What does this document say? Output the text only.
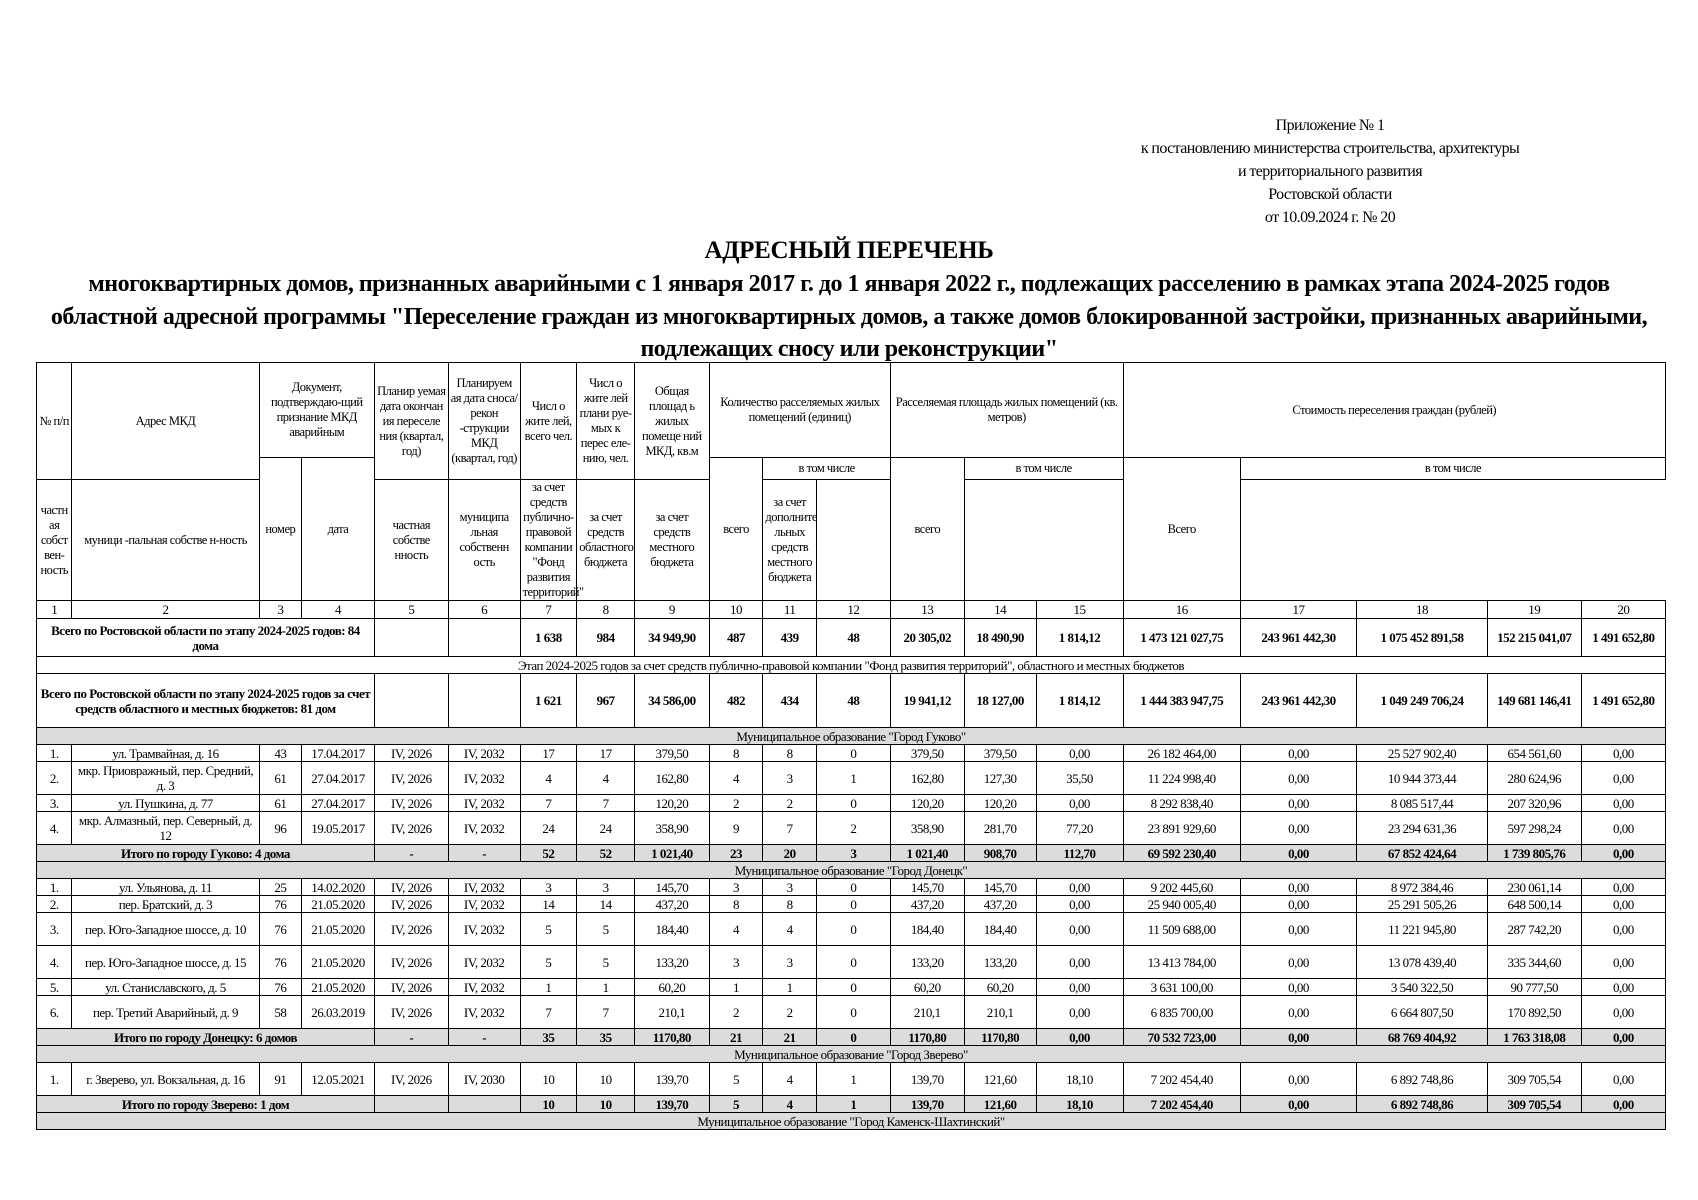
Приложение № 1
к постановлению министерства строительства, архитектуры
и территориального развития
Ростовской области
от 10.09.2024 г. № 20
АДРЕСНЫЙ ПЕРЕЧЕНЬ
многоквартирных домов, признанных аварийными с 1 января 2017 г. до 1 января 2022 г., подлежащих расселению в рамках этапа 2024-2025 годов областной адресной программы "Переселение граждан из многоквартирных домов, а также домов блокированной застройки, признанных аварийными, подлежащих сносу или реконструкции"
№ п/п	Адрес МКД	Документ, подтверждаю-щий признание МКД аварийным		Планир уемая дата окончан ия переселе ния (квартал, год)	Планируем ая дата сноса/рекон -струкции МКД (квартал, год)	Числ о жите лей, всего чел.	Числ о жите лей плани руе-мых к перес еле-нию, чел.	Общая площад ь жилых помеще ний МКД, кв.м	Количество расселяемых жилых помещений (единиц)			Расселяемая площадь жилых помещений (кв. метров)			Стоимость переселения граждан (рублей)				
		номер	дата						всего	в том числе		всего	в том числе		Всего	в том числе			
частн ая собст вен-ность	муници -пальная собстве н-ность			частная собстве нность	муниципа льная собственн ость	за счет средств публично-правовой компании "Фонд развития территорий"	за счет средств областного бюджета	за счет средств местного бюджета		за счет дополните льных средств местного бюджета									
1	2	3	4	5	6	7	8	9	10	11	12	13	14	15	16	17	18	19	20
Всего по Ростовской области по этапу 2024-2025 годов: 84 дома						1 638	984	34 949,90	487	439	48	20 305,02	18 490,90	1 814,12	1 473 121 027,75	243 961 442,30	1 075 452 891,58	152 215 041,07	1 491 652,80
Этап 2024-2025 годов за счет средств публично-правовой компании "Фонд развития территорий", областного и местных бюджетов																			
Всего по Ростовской области по этапу 2024-2025 годов за счет средств областного и местных бюджетов: 81 дом						1 621	967	34 586,00	482	434	48	19 941,12	18 127,00	1 814,12	1 444 383 947,75	243 961 442,30	1 049 249 706,24	149 681 146,41	1 491 652,80
Муниципальное образование "Город Гуково"																			
1.	ул. Трамвайная, д. 16	43	17.04.2017	IV, 2026	IV, 2032	17	17	379,50	8	8	0	379,50	379,50	0,00	26 182 464,00	0,00	25 527 902,40	654 561,60	0,00
2.	мкр. Приовражный, пер. Средний, д. 3	61	27.04.2017	IV, 2026	IV, 2032	4	4	162,80	4	3	1	162,80	127,30	35,50	11 224 998,40	0,00	10 944 373,44	280 624,96	0,00
3.	ул. Пушкина, д. 77	61	27.04.2017	IV, 2026	IV, 2032	7	7	120,20	2	2	0	120,20	120,20	0,00	8 292 838,40	0,00	8 085 517,44	207 320,96	0,00
4.	мкр. Алмазный, пер. Северный, д. 12	96	19.05.2017	IV, 2026	IV, 2032	24	24	358,90	9	7	2	358,90	281,70	77,20	23 891 929,60	0,00	23 294 631,36	597 298,24	0,00
Итого по городу Гуково: 4 дома				-	-	52	52	1 021,40	23	20	3	1 021,40	908,70	112,70	69 592 230,40	0,00	67 852 424,64	1 739 805,76	0,00
Муниципальное образование "Город Донецк"																			
1.	ул. Ульянова, д. 11	25	14.02.2020	IV, 2026	IV, 2032	3	3	145,70	3	3	0	145,70	145,70	0,00	9 202 445,60	0,00	8 972 384,46	230 061,14	0,00
2.	пер. Братский, д. 3	76	21.05.2020	IV, 2026	IV, 2032	14	14	437,20	8	8	0	437,20	437,20	0,00	25 940 005,40	0,00	25 291 505,26	648 500,14	0,00
3.	пер. Юго-Западное шоссе, д. 10	76	21.05.2020	IV, 2026	IV, 2032	5	5	184,40	4	4	0	184,40	184,40	0,00	11 509 688,00	0,00	11 221 945,80	287 742,20	0,00
4.	пер. Юго-Западное шоссе, д. 15	76	21.05.2020	IV, 2026	IV, 2032	5	5	133,20	3	3	0	133,20	133,20	0,00	13 413 784,00	0,00	13 078 439,40	335 344,60	0,00
5.	ул. Станиславского, д. 5	76	21.05.2020	IV, 2026	IV, 2032	1	1	60,20	1	1	0	60,20	60,20	0,00	3 631 100,00	0,00	3 540 322,50	90 777,50	0,00
6.	пер. Третий Аварийный, д. 9	58	26.03.2019	IV, 2026	IV, 2032	7	7	210,1	2	2	0	210,1	210,1	0,00	6 835 700,00	0,00	6 664 807,50	170 892,50	0,00
Итого по городу Донецку: 6 домов				-	-	35	35	1170,80	21	21	0	1170,80	1170,80	0,00	70 532 723,00	0,00	68 769 404,92	1 763 318,08	0,00
Муниципальное образование "Город Зверево"																			
1.	г. Зверево, ул. Вокзальная, д. 16	91	12.05.2021	IV, 2026	IV, 2030	10	10	139,70	5	4	1	139,70	121,60	18,10	7 202 454,40	0,00	6 892 748,86	309 705,54	0,00
Итого по городу Зверево: 1 дом						10	10	139,70	5	4	1	139,70	121,60	18,10	7 202 454,40	0,00	6 892 748,86	309 705,54	0,00
Муниципальное образование "Город Каменск-Шахтинский"																			
